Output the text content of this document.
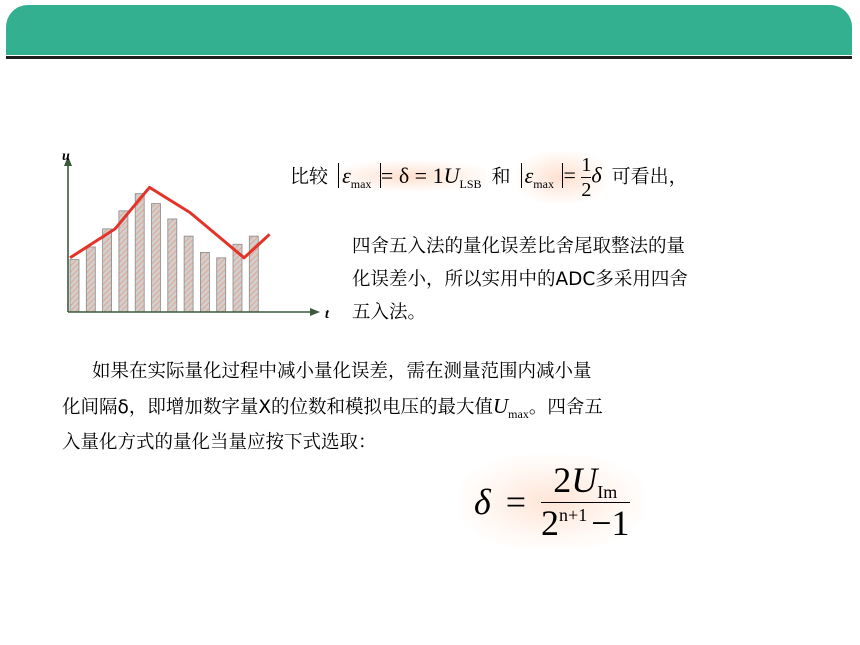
u
t
比较 $\varepsilon_{max} = \delta = 1U_{LSB}$ 和 $\varepsilon_{max} = \frac{1}{2}$ δ 可看出，
四舍五入法的量化误差比舍尾取整法的量
化误差小，所以实用中的ADC多采用四舍
五入法。
如果在实际量化过程中减小量化误差，需在测量范围内减小量
化间隔δ，即增加数字量X的位数和模拟电压的最大值$U_{max}$。四舍五
入量化方式的量化当量应按下式选取：
$\delta = \frac{\text{2UIm}}{2^{n+1} -1}$
